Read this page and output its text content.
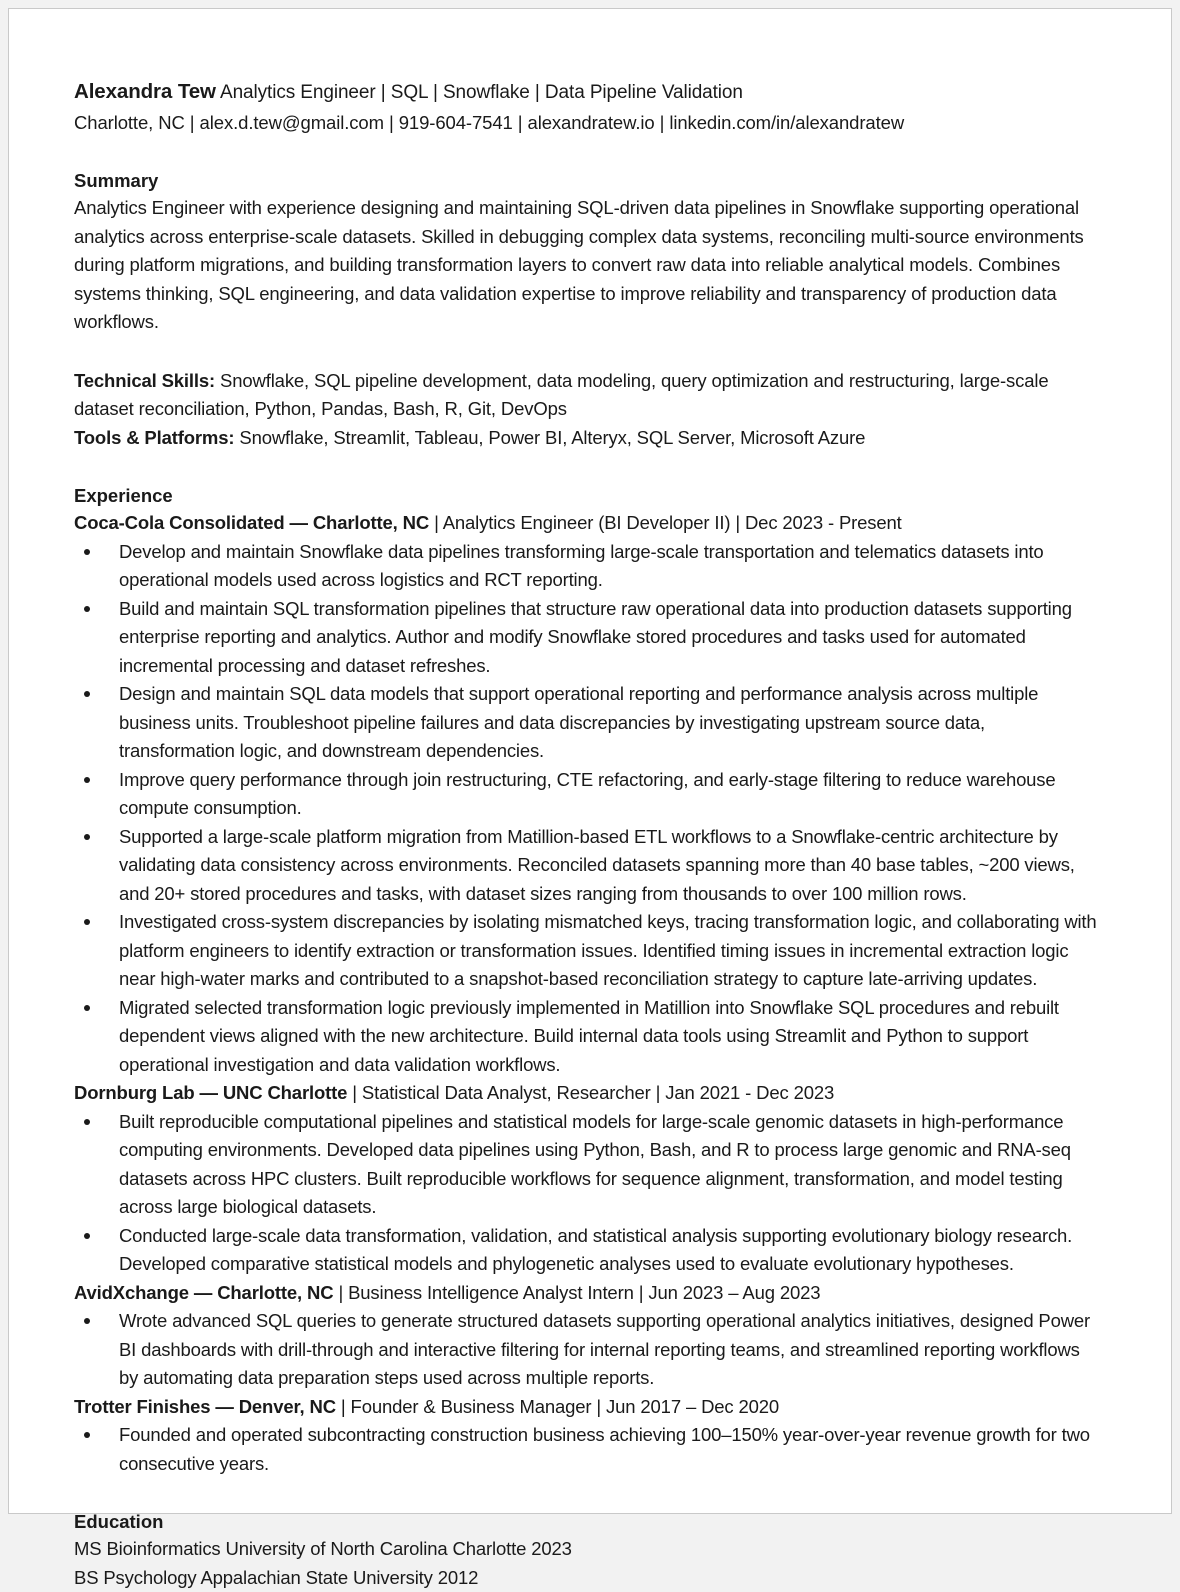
Alexandra Tew Analytics Engineer | SQL | Snowflake | Data Pipeline Validation
Charlotte, NC | alex.d.tew@gmail.com | 919-604-7541 | alexandratew.io | linkedin.com/in/alexandratew
Summary
Analytics Engineer with experience designing and maintaining SQL-driven data pipelines in Snowflake supporting operational analytics across enterprise-scale datasets. Skilled in debugging complex data systems, reconciling multi-source environments during platform migrations, and building transformation layers to convert raw data into reliable analytical models. Combines systems thinking, SQL engineering, and data validation expertise to improve reliability and transparency of production data workflows.
Technical Skills: Snowflake, SQL pipeline development, data modeling, query optimization and restructuring, large-scale dataset reconciliation, Python, Pandas, Bash, R, Git, DevOps
Tools & Platforms: Snowflake, Streamlit, Tableau, Power BI, Alteryx, SQL Server, Microsoft Azure
Experience
Coca-Cola Consolidated — Charlotte, NC | Analytics Engineer (BI Developer II) | Dec 2023 - Present
Develop and maintain Snowflake data pipelines transforming large-scale transportation and telematics datasets into operational models used across logistics and RCT reporting.
Build and maintain SQL transformation pipelines that structure raw operational data into production datasets supporting enterprise reporting and analytics. Author and modify Snowflake stored procedures and tasks used for automated incremental processing and dataset refreshes.
Design and maintain SQL data models that support operational reporting and performance analysis across multiple business units. Troubleshoot pipeline failures and data discrepancies by investigating upstream source data, transformation logic, and downstream dependencies.
Improve query performance through join restructuring, CTE refactoring, and early-stage filtering to reduce warehouse compute consumption.
Supported a large-scale platform migration from Matillion-based ETL workflows to a Snowflake-centric architecture by validating data consistency across environments. Reconciled datasets spanning more than 40 base tables, ~200 views, and 20+ stored procedures and tasks, with dataset sizes ranging from thousands to over 100 million rows.
Investigated cross-system discrepancies by isolating mismatched keys, tracing transformation logic, and collaborating with platform engineers to identify extraction or transformation issues. Identified timing issues in incremental extraction logic near high-water marks and contributed to a snapshot-based reconciliation strategy to capture late-arriving updates.
Migrated selected transformation logic previously implemented in Matillion into Snowflake SQL procedures and rebuilt dependent views aligned with the new architecture. Build internal data tools using Streamlit and Python to support operational investigation and data validation workflows.
Dornburg Lab — UNC Charlotte | Statistical Data Analyst, Researcher | Jan 2021 - Dec 2023
Built reproducible computational pipelines and statistical models for large-scale genomic datasets in high-performance computing environments. Developed data pipelines using Python, Bash, and R to process large genomic and RNA-seq datasets across HPC clusters. Built reproducible workflows for sequence alignment, transformation, and model testing across large biological datasets.
Conducted large-scale data transformation, validation, and statistical analysis supporting evolutionary biology research. Developed comparative statistical models and phylogenetic analyses used to evaluate evolutionary hypotheses.
AvidXchange — Charlotte, NC | Business Intelligence Analyst Intern | Jun 2023 – Aug 2023
Wrote advanced SQL queries to generate structured datasets supporting operational analytics initiatives, designed Power BI dashboards with drill-through and interactive filtering for internal reporting teams, and streamlined reporting workflows by automating data preparation steps used across multiple reports.
Trotter Finishes — Denver, NC | Founder & Business Manager | Jun 2017 – Dec 2020
Founded and operated subcontracting construction business achieving 100–150% year-over-year revenue growth for two consecutive years.
Education
MS Bioinformatics University of North Carolina Charlotte 2023
BS Psychology Appalachian State University 2012
